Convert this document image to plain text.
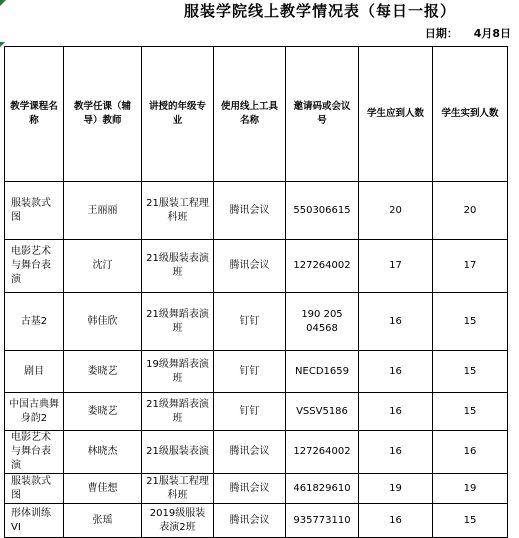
服装学院线上教学情况表（每日一报）
日期： 4月8日
教学课程名称	教学任课（辅导）教师	讲授的年级专业	使用线上工具名称	邀请码或会议号	学生应到人数	学生实到人数
服装款式图	王丽丽	21服装工程理科班	腾讯会议	550306615	20	20
电影艺术与舞台表演	沈汀	21级服装表演班	腾讯会议	127264002	17	17
古基2	韩佳欣	21级舞蹈表演班	钉钉	190 205 04568	16	15
剧目	娄晓艺	19级舞蹈表演班	钉钉	NECD1659	16	15
中国古典舞身韵2	娄晓艺	21级舞蹈表演班	钉钉	VSSV5186	16	15
电影艺术与舞台表演	林晓杰	21级服装表演	腾讯会议	127264002	16	16
服装款式图	曹佳想	21服装工程理科班	腾讯会议	461829610	19	19
形体训练VI	张瑶	2019级服装表演2班	腾讯会议	935773110	16	15
